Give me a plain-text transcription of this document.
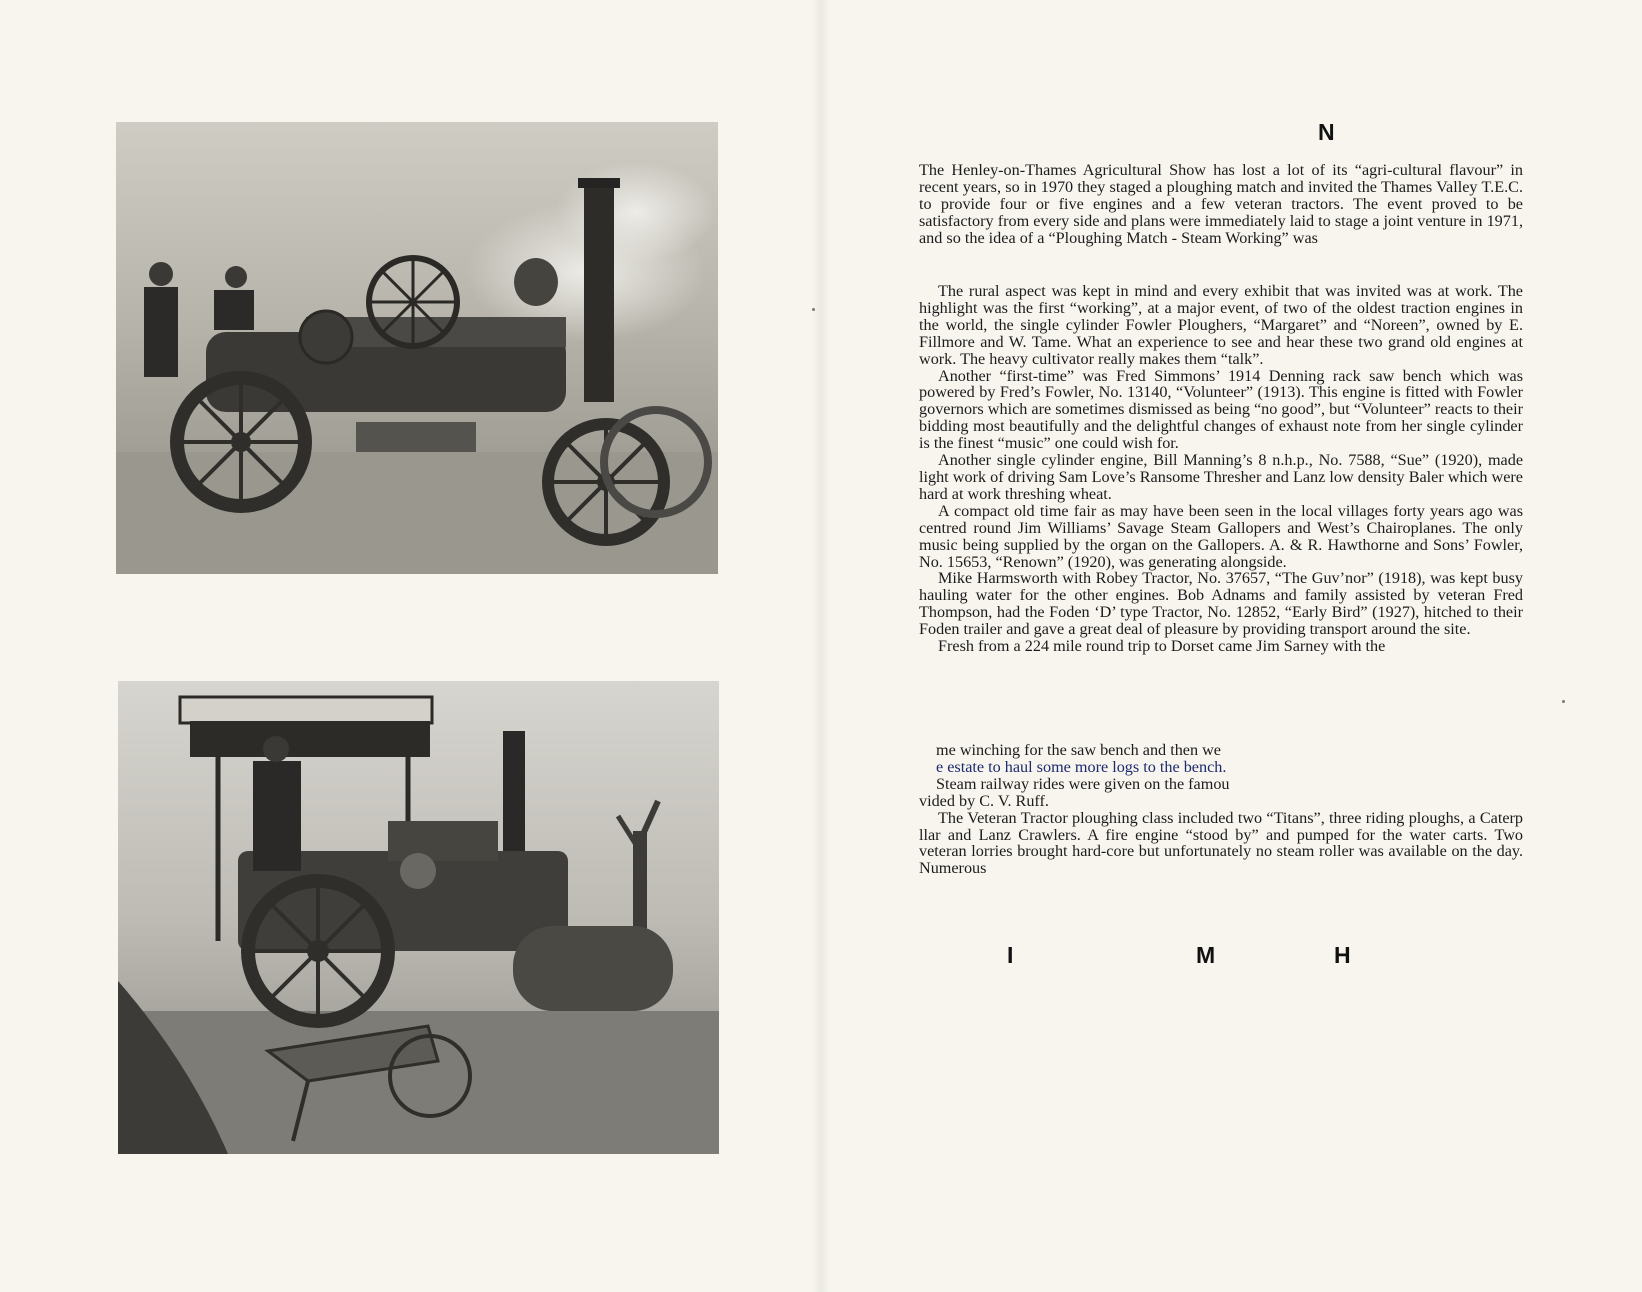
N

The Henley-on-Thames Agricultural Show has lost a lot of its “agri-cultural flavour” in recent years, so in 1970 they staged a ploughing match and invited the Thames Valley T.E.C. to provide four or five engines and a few veteran tractors. The event proved to be satisfactory from every side and plans were immediately laid to stage a joint venture in 1971, and so the idea of a “Ploughing Match - Steam Working” was

The rural aspect was kept in mind and every exhibit that was invited was at work. The highlight was the first “working”, at a major event, of two of the oldest traction engines in the world, the single cylinder Fowler Ploughers, “Margaret” and “Noreen”, owned by E. Fillmore and W. Tame. What an experience to see and hear these two grand old engines at work. The heavy cultivator really makes them “talk”.

Another “first-time” was Fred Simmons’ 1914 Denning rack saw bench which was powered by Fred’s Fowler, No. 13140, “Volunteer” (1913). This engine is fitted with Fowler governors which are sometimes dismissed as being “no good”, but “Volunteer” reacts to their bidding most beautifully and the delightful changes of exhaust note from her single cylinder is the finest “music” one could wish for.

Another single cylinder engine, Bill Manning’s 8 n.h.p., No. 7588, “Sue” (1920), made light work of driving Sam Love’s Ransome Thresher and Lanz low density Baler which were hard at work threshing wheat.

A compact old time fair as may have been seen in the local villages forty years ago was centred round Jim Williams’ Savage Steam Gallopers and West’s Chairoplanes. The only music being supplied by the organ on the Gallopers. A. & R. Hawthorne and Sons’ Fowler, No. 15653, “Renown” (1920), was generating alongside.

Mike Harmsworth with Robey Tractor, No. 37657, “The Guv’nor” (1918), was kept busy hauling water for the other engines. Bob Adnams and family assisted by veteran Fred Thompson, had the Foden ‘D’ type Tractor, No. 12852, “Early Bird” (1927), hitched to their Foden trailer and gave a great deal of pleasure by providing transport around the site.

Fresh from a 224 mile round trip to Dorset came Jim Sarney with the

me winching for the saw bench and then we

e estate to haul some more logs to the bench.

Steam railway rides were given on the famou

vided by C. V. Ruff.

The Veteran Tractor ploughing class included two “Titans”, three riding ploughs, a Caterp llar and Lanz Crawlers. A fire engine “stood by” and pumped for the water carts. Two veteran lorries brought hard-core but unfortunately no steam roller was available on the day. Numerous

I	M	H
